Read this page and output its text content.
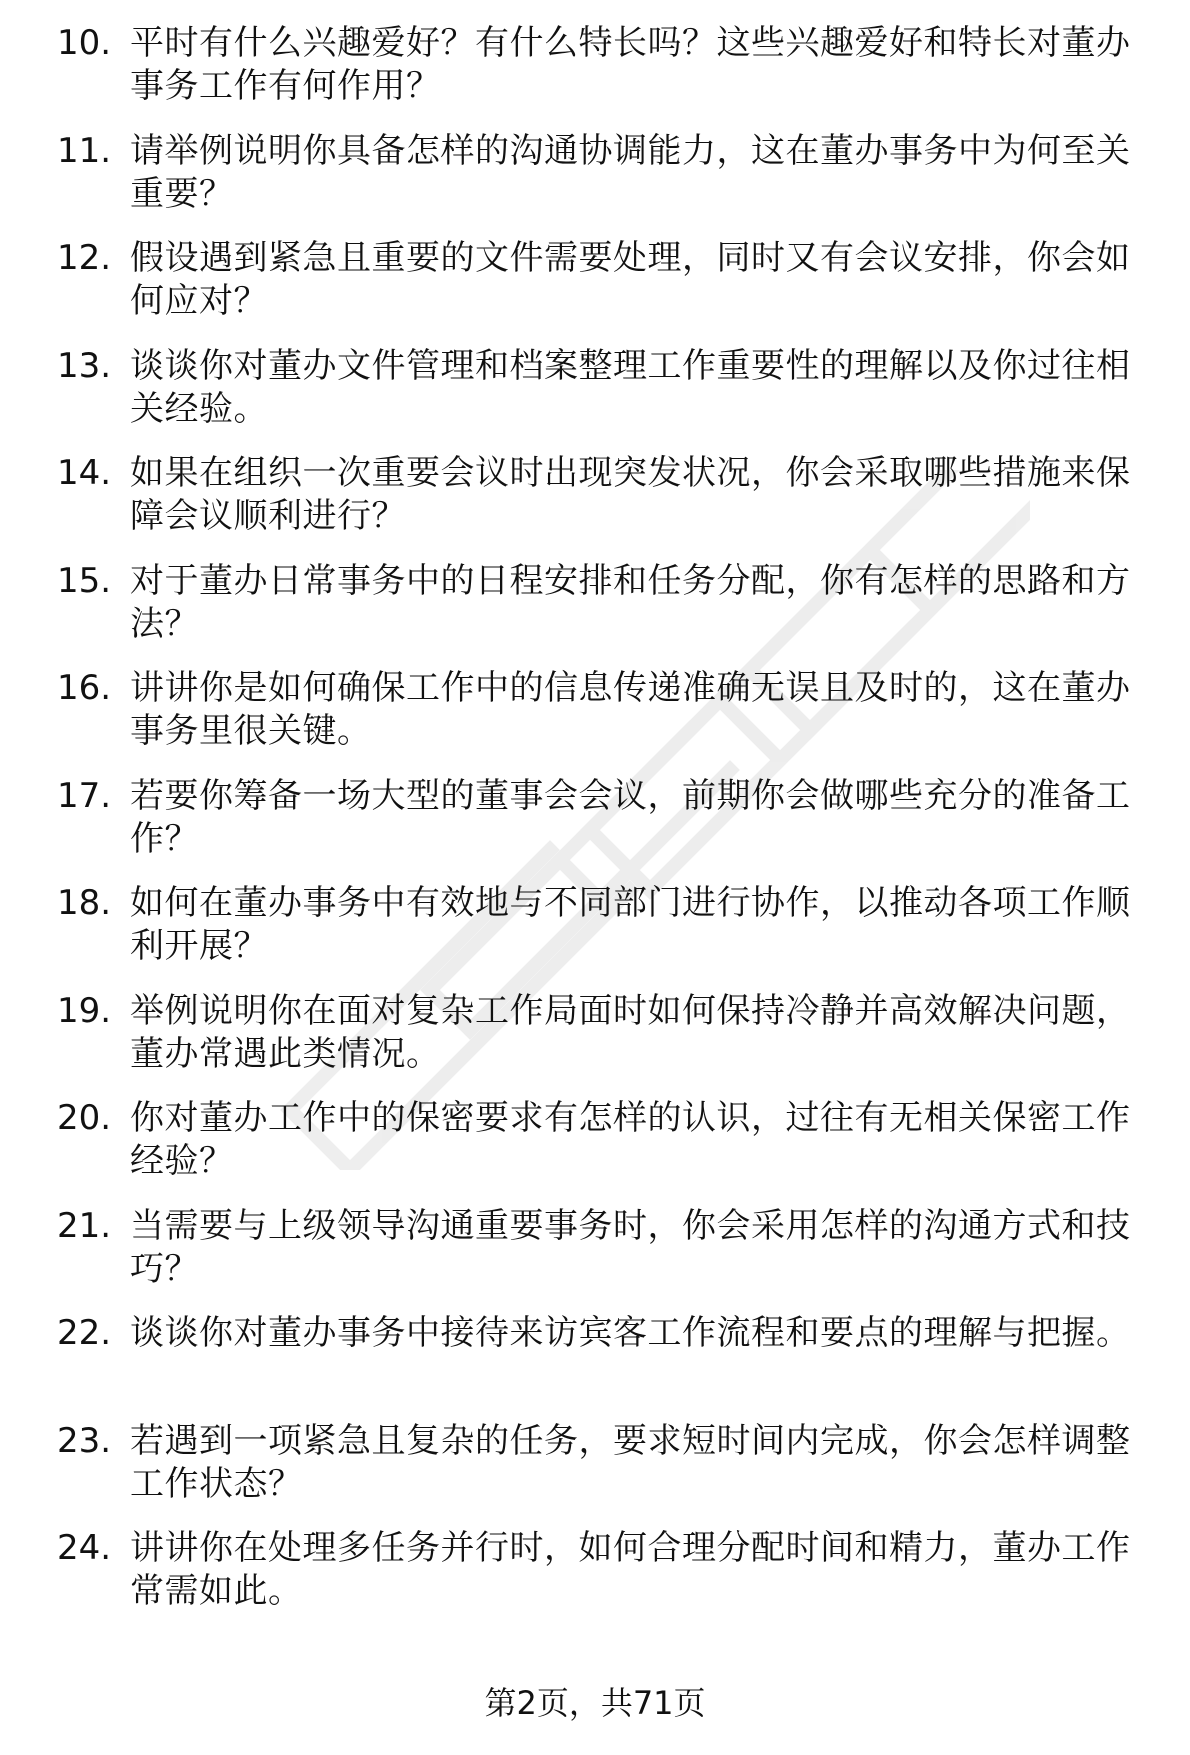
10. 平时有什么兴趣爱好？有什么特长吗？这些兴趣爱好和特长对董办事务工作有何作用？
11. 请举例说明你具备怎样的沟通协调能力，这在董办事务中为何至关重要？
12. 假设遇到紧急且重要的文件需要处理，同时又有会议安排，你会如何应对？
13. 谈谈你对董办文件管理和档案整理工作重要性的理解以及你过往相关经验。
14. 如果在组织一次重要会议时出现突发状况，你会采取哪些措施来保障会议顺利进行？
15. 对于董办日常事务中的日程安排和任务分配，你有怎样的思路和方法？
16. 讲讲你是如何确保工作中的信息传递准确无误且及时的，这在董办事务里很关键。
17. 若要你筹备一场大型的董事会会议，前期你会做哪些充分的准备工作？
18. 如何在董办事务中有效地与不同部门进行协作，以推动各项工作顺利开展？
19. 举例说明你在面对复杂工作局面时如何保持冷静并高效解决问题，董办常遇此类情况。
20. 你对董办工作中的保密要求有怎样的认识，过往有无相关保密工作经验？
21. 当需要与上级领导沟通重要事务时，你会采用怎样的沟通方式和技巧？
22. 谈谈你对董办事务中接待来访宾客工作流程和要点的理解与把握。
23. 若遇到一项紧急且复杂的任务，要求短时间内完成，你会怎样调整工作状态？
24. 讲讲你在处理多任务并行时，如何合理分配时间和精力，董办工作常需如此。
第2页，共71页
